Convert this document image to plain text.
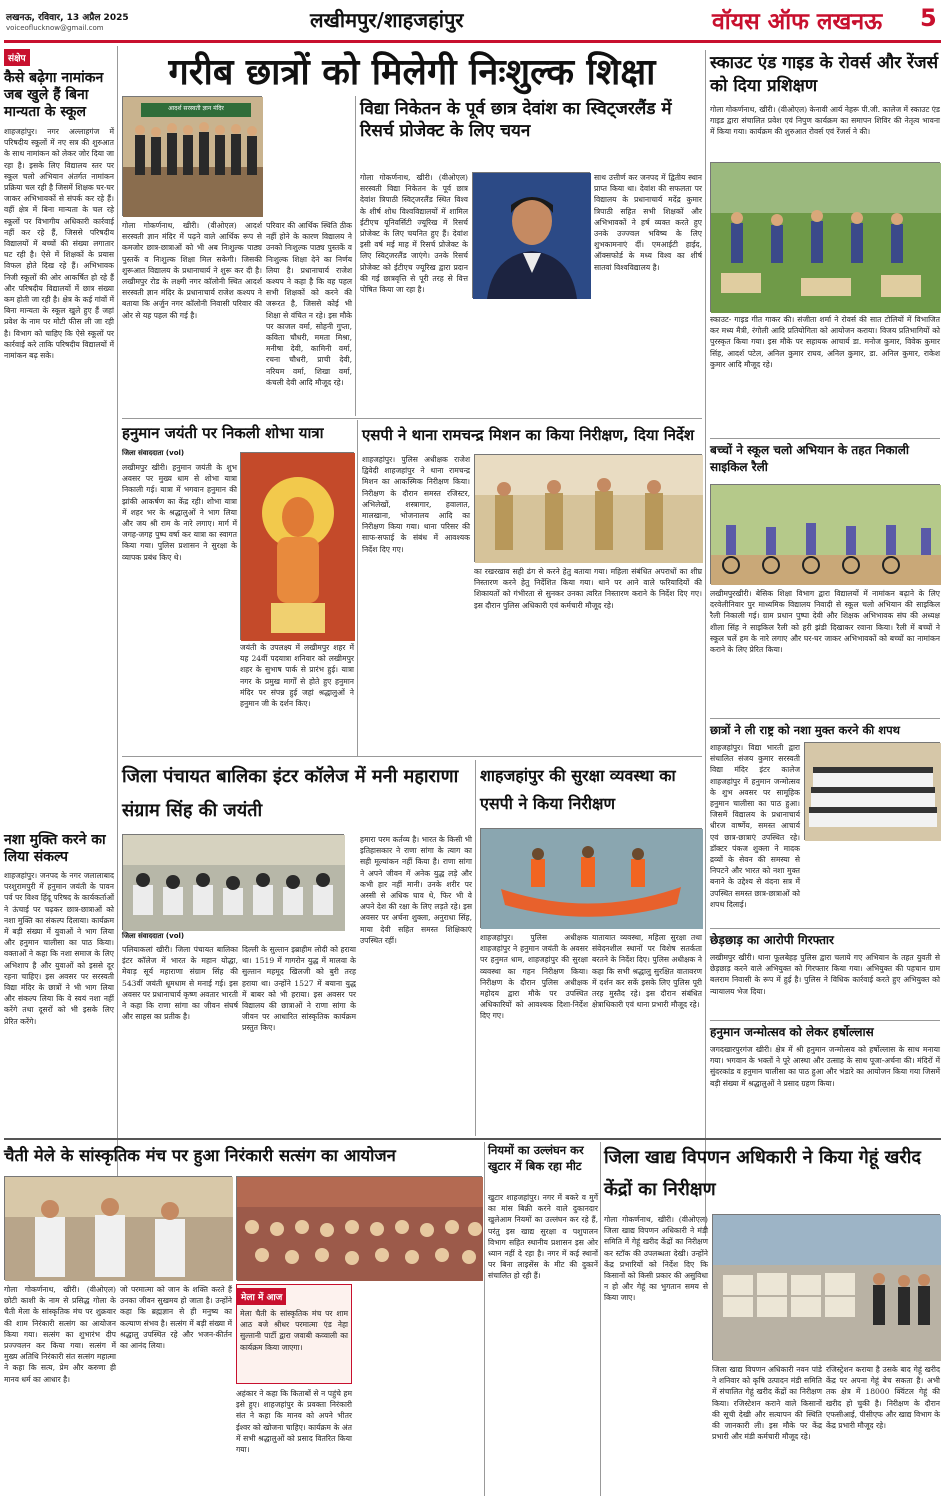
लखनऊ, रविवार, 13 अप्रैल 2025
voiceoflucknow@gmail.com	लखीमपुर/शाहजहांपुर	वॉयस ऑफ लखनऊ 5
संक्षेप
कैसे बढ़ेगा नामांकन जब खुले हैं बिना मान्यता के स्कूल
शाहजहांपुर। नगर अल्लाहगंज में परिषदीय स्कूलों में नए सत्र की शुरुआत के साथ नामांकन को लेकर जोर दिया जा रहा है। इसके लिए विद्यालय स्तर पर स्कूल चलो अभियान अंतर्गत नामांकन प्रक्रिया चल रही है जिसमें शिक्षक घर-घर जाकर अभिभावकों से संपर्क कर रहे हैं। वहीं क्षेत्र में बिना मान्यता के चल रहे स्कूलों पर विभागीय अधिकारी कार्रवाई नहीं कर रहे हैं, जिससे परिषदीय विद्यालयों में बच्चों की संख्या लगातार घट रही है। ऐसे में शिक्षकों के प्रयास विफल होते दिख रहे हैं। अभिभावक निजी स्कूलों की ओर आकर्षित हो रहे हैं और परिषदीय विद्यालयों में छात्र संख्या कम होती जा रही है। क्षेत्र के कई गांवों में बिना मान्यता के स्कूल खुले हुए हैं जहां प्रवेश के नाम पर मोटी फीस ली जा रही है। विभाग को चाहिए कि ऐसे स्कूलों पर कार्रवाई करे ताकि परिषदीय विद्यालयों में नामांकन बढ़ सके।
नशा मुक्ति करने का लिया संकल्प
शाहजहांपुर। जनपद के नगर जलालाबाद परशुरामपुरी में हनुमान जयंती के पावन पर्व पर विश्व हिंदू परिषद के कार्यकर्ताओं ने ऊंचाई पर चढ़कर छात्र-छात्राओं को नशा मुक्ति का संकल्प दिलाया। कार्यक्रम में बड़ी संख्या में युवाओं ने भाग लिया और हनुमान चालीसा का पाठ किया। वक्ताओं ने कहा कि नशा समाज के लिए अभिशाप है और युवाओं को इससे दूर रहना चाहिए। इस अवसर पर सरस्वती विद्या मंदिर के छात्रों ने भी भाग लिया और संकल्प लिया कि वे स्वयं नशा नहीं करेंगे तथा दूसरों को भी इसके लिए प्रेरित करेंगे।
गरीब छात्रों को मिलेगी निःशुल्क शिक्षा
आदर्श सरस्वती ज्ञान मंदिर
गोला गोकर्णनाथ, खीरी। (वीओएल) आदर्श सरस्वती ज्ञान मंदिर में पढ़ने वाले आर्थिक रूप से कमजोर छात्र-छात्राओं को भी अब निःशुल्क पाठ्य पुस्तकें व निःशुल्क शिक्षा मिल सकेगी। जिसकी शुरूआत विद्यालय के प्रधानाचार्य ने शुरू कर दी है। लखीमपुर रोड के लक्ष्मी नगर कॉलोनी स्थित आदर्श सरस्वती ज्ञान मंदिर के प्रधानाचार्य राजेश कश्यप ने बताया कि अर्जुन नगर कॉलोनी निवासी परिवार की ओर से यह पहल की गई है।
परिवार की आर्थिक स्थिति ठीक नहीं होने के कारण विद्यालय ने उनको निःशुल्क पाठ्य पुस्तकें व निःशुल्क शिक्षा देने का निर्णय लिया है। प्रधानाचार्य राजेश कश्यप ने कहा है कि वह पहल सभी शिक्षकों को करने की जरूरत है, जिससे कोई भी शिक्षा से वंचित न रहे। इस मौके पर काजल वर्मा, सोहनी गुप्ता, कविता चौधरी, ममता मिश्रा, मनीषा देवी, कामिनी वर्मा, रचना चौधरी, प्राची देवी, नरियम वर्मा, शिखा वर्मा, कंचली देवी आदि मौजूद रहे।
विद्या निकेतन के पूर्व छात्र देवांश का स्विट्जरलैंड में रिसर्च प्रोजेक्ट के लिए चयन
गोला गोकर्णनाथ, खीरी। (वीओएल) सरस्वती विद्या निकेतन के पूर्व छात्र देवांश त्रिपाठी स्विट्जरलैंड स्थित विश्व के शीर्ष शोध विश्वविद्यालयों में शामिल ईटीएच यूनिवर्सिटी ज्यूरिख में रिसर्च प्रोजेक्ट के लिए चयनित हुए हैं। देवांश इसी वर्ष मई माह में रिसर्च प्रोजेक्ट के लिए स्विट्जरलैंड जाएंगे। उनके रिसर्च प्रोजेक्ट को ईटीएच ज्यूरिख द्वारा प्रदान की गई छात्रवृत्ति से पूरी तरह से वित्त पोषित किया जा रहा है।
साथ उत्तीर्ण कर जनपद में द्वितीय स्थान प्राप्त किया था। देवांश की सफलता पर विद्यालय के प्रधानाचार्य मदेंद्र कुमार त्रिपाठी सहित सभी शिक्षकों और अभिभावकों ने हर्ष व्यक्त करते हुए उनके उज्ज्वल भविष्य के लिए शुभकामनाएं दीं। एमआईटी हाईद, ऑक्सफोर्ड के मध्य विश्व का शीर्ष सातवां विश्वविद्यालय है।
स्काउट एंड गाइड के रोवर्स और रेंजर्स को दिया प्रशिक्षण
गोला गोकर्णनाथ, खीरी। (वीओएल) केनावी आर्य नेहरू पी.जी. कालेज में स्काउट एंड गाइड द्वारा संचालित प्रवेश एवं निपुण कार्यक्रम का समापन शिविर की नेतृत्व भावना में किया गया। कार्यक्रम की शुरुआत रोवर्स एवं रेंजर्स ने की।
स्काउट- गाइड गीत गाकर की। संजीता शर्मा ने रोवर्स की सात टोलियों में विभाजित कर मध्य मैत्री, रंगोली आदि प्रतियोगिता को आयोजन कराया। विजय प्रतिभागियों को पुरस्कृत किया गया। इस मौके पर सहायक आचार्य डा. मनोज कुमार, विवेक कुमार सिंह, आदर्श पटेल, अनिल कुमार राघव, अनिल कुमार, डा. अनिल कुमार, राकेश कुमार आदि मौजूद रहे।
बच्चों ने स्कूल चलो अभियान के तहत निकाली साइकिल रैली
लखीमपुरखीरी। बेसिक शिक्षा विभाग द्वारा विद्यालयों में नामांकन बढ़ाने के लिए दरवेलीनिवार पुर माध्यमिक विद्यालय निवादी से स्कूल चलो अभियान की साइकिल रैली निकाली गई। ग्राम प्रधान पुष्पा देवी और शिक्षक अभिभावक संघ की अध्यक्ष शीला सिंह ने साइकिल रैली को हरी झंडी दिखाकर रवाना किया। रैली में बच्चों ने स्कूल चलें हम के नारे लगाए और घर-घर जाकर अभिभावकों को बच्चों का नामांकन कराने के लिए प्रेरित किया।
छात्रों ने ली राष्ट्र को नशा मुक्त करने की शपथ
शाहजहांपुर। विद्या भारती द्वारा संचालित संजय कुमार सरस्वती विद्या मंदिर इंटर कालेज शाहजहांपुर में हनुमान जन्मोत्सव के शुभ अवसर पर सामूहिक हनुमान चालीसा का पाठ हुआ। जिसमें विद्यालय के प्रधानाचार्य धीरज वार्ष्णेय, समस्त आचार्य एवं छात्र-छात्राएं उपस्थित रहे। डॉक्टर पंकज शुक्ला ने मादक द्रव्यों के सेवन की समस्या से निपटने और भारत को नशा मुक्त बनाने के उद्देश्य से वंदना सत्र में उपस्थित समस्त छात्र-छात्राओं को शपथ दिलाई।
छेड़छाड़ का आरोपी गिरफ्तार
लखीमपुर खीरी। थाना फूलबेहड़ पुलिस द्वारा चलाये गए अभियान के तहत युवती से छेड़छाड़ करने वाले अभियुक्त को गिरफ्तार किया गया। अभियुक्त की पहचान ग्राम बलराम निवासी के रूप में हुई है। पुलिस ने विधिक कार्रवाई करते हुए अभियुक्त को न्यायालय भेज दिया।
हनुमान जन्मोत्सव को लेकर हर्षोल्लास
जगदखारपुरगंज खीरी। क्षेत्र में श्री हनुमान जन्मोत्सव को हर्षोल्लास के साथ मनाया गया। भगवान के भक्तों ने पूरे आस्था और उत्साह के साथ पूजा-अर्चना की। मंदिरों में सुंदरकांड व हनुमान चालीसा का पाठ हुआ और भंडारे का आयोजन किया गया जिसमें बड़ी संख्या में श्रद्धालुओं ने प्रसाद ग्रहण किया।
हनुमान जयंती पर निकली शोभा यात्रा
जिला संवाददाता (vol)
लखीमपुर खीरी। हनुमान जयंती के शुभ अवसर पर मुख्य धाम से शोभा यात्रा निकाली गई। यात्रा में भगवान हनुमान की झांकी आकर्षण का केंद्र रही। शोभा यात्रा में शहर भर के श्रद्धालुओं ने भाग लिया और जय श्री राम के नारे लगाए। मार्ग में जगह-जगह पुष्प वर्षा कर यात्रा का स्वागत किया गया। पुलिस प्रशासन ने सुरक्षा के व्यापक प्रबंध किए थे।
जयंती के उपलक्ष्य में लखीमपुर शहर में यह 24वीं पदयात्रा शनिवार को लखीमपुर शहर के सुभाष पार्क से प्रारंभ हुई। यात्रा नगर के प्रमुख मार्गों से होते हुए हनुमान मंदिर पर संपन्न हुई जहां श्रद्धालुओं ने हनुमान जी के दर्शन किए।
एसपी ने थाना रामचन्द्र मिशन का किया निरीक्षण, दिया निर्देश
शाहजहांपुर। पुलिस अधीक्षक राजेश द्विवेदी शाहजहांपुर ने थाना रामचन्द्र मिशन का आकस्मिक निरीक्षण किया। निरीक्षण के दौरान समस्त रजिस्टर, अभिलेखों, शस्त्रागार, हवालात, मालखाना, भोजनालय आदि का निरीक्षण किया गया। थाना परिसर की साफ-सफाई के संबंध में आवश्यक निर्देश दिए गए।
का रखरखाव सही ढंग से करने हेतु बताया गया। महिला संबंधित अपराधों का शीघ्र निस्तारण करने हेतु निर्देशित किया गया। थाने पर आने वाले फरियादियों की शिकायतों को गंभीरता से सुनकर उनका त्वरित निस्तारण कराने के निर्देश दिए गए। इस दौरान पुलिस अधिकारी एवं कर्मचारी मौजूद रहे।
जिला पंचायत बालिका इंटर कॉलेज में मनी महाराणा संग्राम सिंह की जयंती
जिला संवाददाता (vol)
पलियाकलां खीरी। जिला पंचायत बालिका इंटर कॉलेज में भारत के महान योद्धा, मेवाड़ सूर्य महाराणा संग्राम सिंह की 543वीं जयंती धूमधाम से मनाई गई। इस अवसर पर प्रधानाचार्य कृष्ण अवतार भारती ने कहा कि राणा सांगा का जीवन संघर्ष और साहस का प्रतीक है।
दिल्ली के सुल्तान इब्राहीम लोदी को हराया था। 1519 में गागरोन युद्ध में मालवा के सुल्तान महमूद खिलजी को बुरी तरह हराया था। उन्होंने 1527 में बयाना युद्ध में बाबर को भी हराया। इस अवसर पर विद्यालय की छात्राओं ने राणा सांगा के जीवन पर आधारित सांस्कृतिक कार्यक्रम प्रस्तुत किए।
हमारा परम कर्तव्य है। भारत के किसी भी इतिहासकार ने राणा सांगा के त्याग का सही मूल्यांकन नहीं किया है। राणा सांगा ने अपने जीवन में अनेक युद्ध लड़े और कभी हार नहीं मानी। उनके शरीर पर अस्सी से अधिक घाव थे, फिर भी वे अपने देश की रक्षा के लिए लड़ते रहे। इस अवसर पर अर्चना शुक्ला, अनुराधा सिंह, माया देवी सहित समस्त शिक्षिकाएं उपस्थित रहीं।
शाहजहांपुर की सुरक्षा व्यवस्था का एसपी ने किया निरीक्षण
शाहजहांपुर। पुलिस अधीक्षक शाहजहांपुर ने हनुमान जयंती के अवसर पर हनुमत धाम, शाहजहांपुर की सुरक्षा व्यवस्था का गहन निरीक्षण किया। निरीक्षण के दौरान पुलिस अधीक्षक महोदय द्वारा मौके पर उपस्थित अधिकारियों को आवश्यक दिशा-निर्देश दिए गए।
यातायात व्यवस्था, महिला सुरक्षा तथा संवेदनशील स्थानों पर विशेष सतर्कता बरतने के निर्देश दिए। पुलिस अधीक्षक ने कहा कि सभी श्रद्धालु सुरक्षित वातावरण में दर्शन कर सकें इसके लिए पुलिस पूरी तरह मुस्तैद रहे। इस दौरान संबंधित क्षेत्राधिकारी एवं थाना प्रभारी मौजूद रहे।
चैती मेले के सांस्कृतिक मंच पर हुआ निरंकारी सत्संग का आयोजन
गोला गोकर्णनाथ, खीरी। (वीओएल) छोटी काशी के नाम से प्रसिद्ध गोला के चैती मेला के सांस्कृतिक मंच पर शुक्रवार की शाम निरंकारी सत्संग का आयोजन किया गया। सत्संग का शुभारंभ दीप प्रज्ज्वलन कर किया गया। सत्संग में मुख्य अतिथि निरंकारी संत सत्संग महात्मा ने कहा कि सत्य, प्रेम और करुणा ही मानव धर्म का आधार है।
जो परमात्मा को जान के शक्ति करते हैं उनका जीवन सुखमय हो जाता है। उन्होंने कहा कि ब्रह्मज्ञान से ही मनुष्य का कल्याण संभव है। सत्संग में बड़ी संख्या में श्रद्धालु उपस्थित रहे और भजन-कीर्तन का आनंद लिया।
मेला में आज
मेला चैती के सांस्कृतिक मंच पर शाम आठ बजे श्रीधर परमात्मा एंड नेहा सुल्तानी पार्टी द्वारा जवाबी कव्वाली का कार्यक्रम किया जाएगा।
अहंकार ने कहा कि किताबों से न पहुंचे हम इसे हुए। शाहजहांपुर के प्रवक्ता निरंकारी संत ने कहा कि मानव को अपने भीतर ईश्वर को खोजना चाहिए। कार्यक्रम के अंत में सभी श्रद्धालुओं को प्रसाद वितरित किया गया।
नियमों का उल्लंघन कर खुटार में बिक रहा मीट
खुटार शाहजहांपुर। नगर में बकरे व मुर्गे का मांस बिक्री करने वाले दुकानदार खुलेआम नियमों का उल्लंघन कर रहे हैं, परंतु इस खाद्य सुरक्षा व पशुपालन विभाग सहित स्थानीय प्रशासन इस ओर ध्यान नहीं दे रहा है। नगर में कई स्थानों पर बिना लाइसेंस के मीट की दुकानें संचालित हो रही हैं।
जिला खाद्य विपणन अधिकारी ने किया गेहूं खरीद केंद्रों का निरीक्षण
गोला गोकर्णनाथ, खीरी। (वीओएल) जिला खाद्य विपणन अधिकारी ने मंडी समिति में गेहूं खरीद केंद्रों का निरीक्षण कर स्टॉक की उपलब्धता देखी। उन्होंने केंद्र प्रभारियों को निर्देश दिए कि किसानों को किसी प्रकार की असुविधा न हो और गेहूं का भुगतान समय से किया जाए।
जिला खाद्य विपणन अधिकारी नवन पांडे ने शनिवार को कृषि उत्पादन मंडी समिति में संचालित गेहूं खरीद केंद्रों का निरीक्षण किया। रजिस्टेशन कराने वाले किसानों की सूची देखी और सत्यापन की स्थिति की जानकारी ली। इस मौके पर केंद्र प्रभारी और मंडी कर्मचारी मौजूद रहे।
रजिस्ट्रेशन कराया है उसके बाद गेहूं खरीद केंद्र पर अपना गेहूं बेच सकता है। अभी तक क्षेत्र में 18000 क्विंटल गेहूं की खरीद हो चुकी है। निरीक्षण के दौरान एफसीआई, पीसीएफ और खाद्य विभाग के केंद्र प्रभारी मौजूद रहे।
